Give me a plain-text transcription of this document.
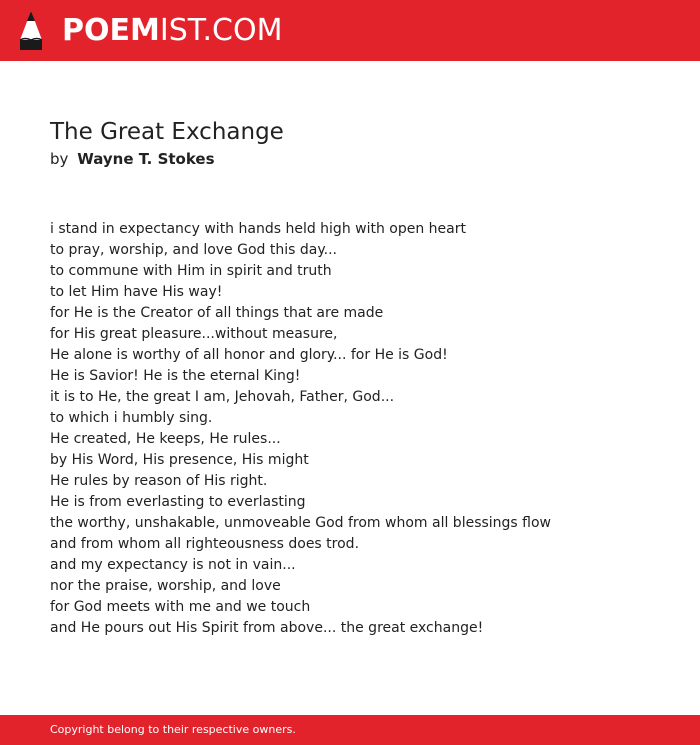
POEMIST.COM
The Great Exchange
by Wayne T. Stokes
i stand in expectancy with hands held high with open heart
to pray, worship, and love God this day...
to commune with Him in spirit and truth
to let Him have His way!
for He is the Creator of all things that are made
for His great pleasure...without measure,
He alone is worthy of all honor and glory... for He is God!
He is Savior! He is the eternal King!
it is to He, the great I am, Jehovah, Father, God...
to which i humbly sing.
He created, He keeps, He rules...
by His Word, His presence, His might
He rules by reason of His right.
He is from everlasting to everlasting
the worthy, unshakable, unmoveable God from whom all blessings flow
and from whom all righteousness does trod.
and my expectancy is not in vain...
nor the praise, worship, and love
for God meets with me and we touch
and He pours out His Spirit from above... the great exchange!
Copyright belong to their respective owners.
